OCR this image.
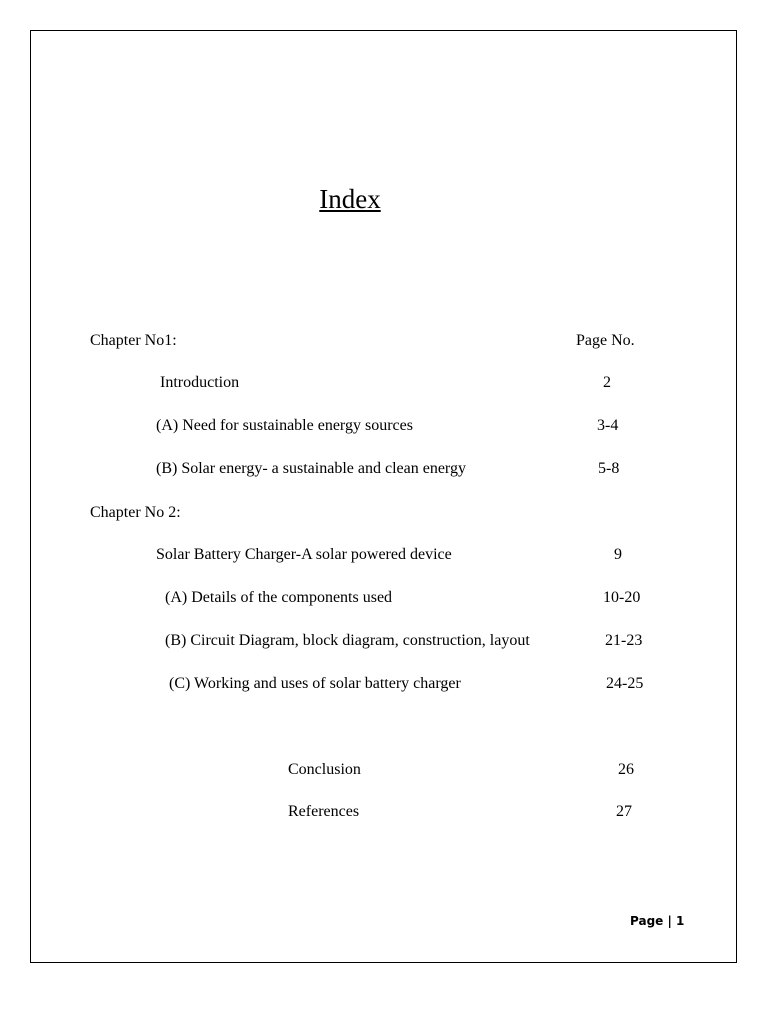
Index
Chapter No1:	Page No.
Introduction	2
(A) Need for sustainable energy sources	3-4
(B) Solar energy- a sustainable and clean energy	5-8
Chapter No 2:
Solar Battery Charger-A solar powered device	9
(A) Details of the components used	10-20
(B) Circuit Diagram, block diagram, construction, layout	21-23
(C) Working and uses of solar battery charger	24-25
Conclusion	26
References	27
Page | 1
